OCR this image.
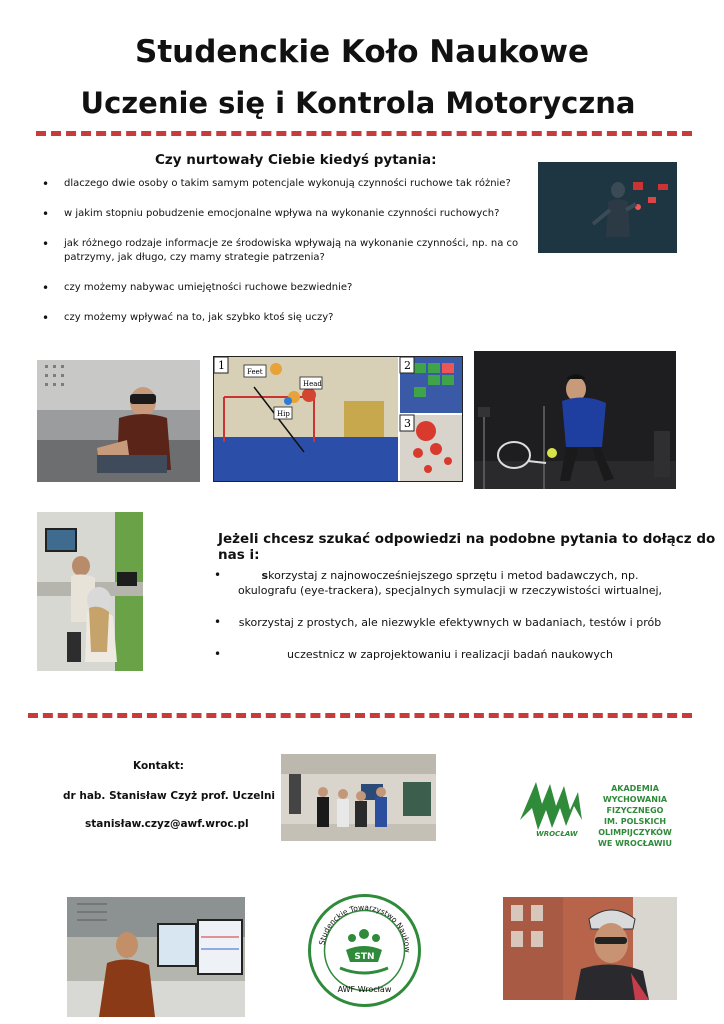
Studenckie Koło Naukowe
Uczenie się i Kontrola Motoryczna
Czy nurtowały Ciebie kiedyś pytania:
• dlaczego dwie osoby o takim samym potencjale wykonują czynności ruchowe tak różnie?
• w jakim stopniu pobudzenie emocjonalne wpływa na wykonanie czynności ruchowych?
• jak różnego rodzaje informacje ze środowiska wpływają na wykonanie czynności, np. na co patrzymy, jak długo, czy mamy strategie patrzenia?
• czy możemy nabywac umiejętności ruchowe bezwiednie?
• czy możemy wpływać na to, jak szybko ktoś się uczy?
1	Feet
Head
Hip
2
3
Jeżeli chcesz szukać odpowiedzi na podobne pytania to dołącz do nas i:
•	skorzystaj z najnowocześniejszego sprzętu i metod badawczych, np.
okulografu (eye-trackera), specjalnych symulacji w rzeczywistości wirtualnej,
• skorzystaj z prostych, ale niezwykle efektywnych w badaniach, testów i prób
•	uczestnicz w zaprojektowaniu i realizacji badań naukowych
Kontakt:
dr hab. Stanisław Czyż prof. Uczelni
stanisław.czyz@awf.wroc.pl
WROCŁAW
AKADEMIA
WYCHOWANIA
FIZYCZNEGO
IM. POLSKICH
OLIMPIJCZYKÓW
WE WROCŁAWIU
Studenckie Towarzystwo Naukow
STN
AWF Wrocław
